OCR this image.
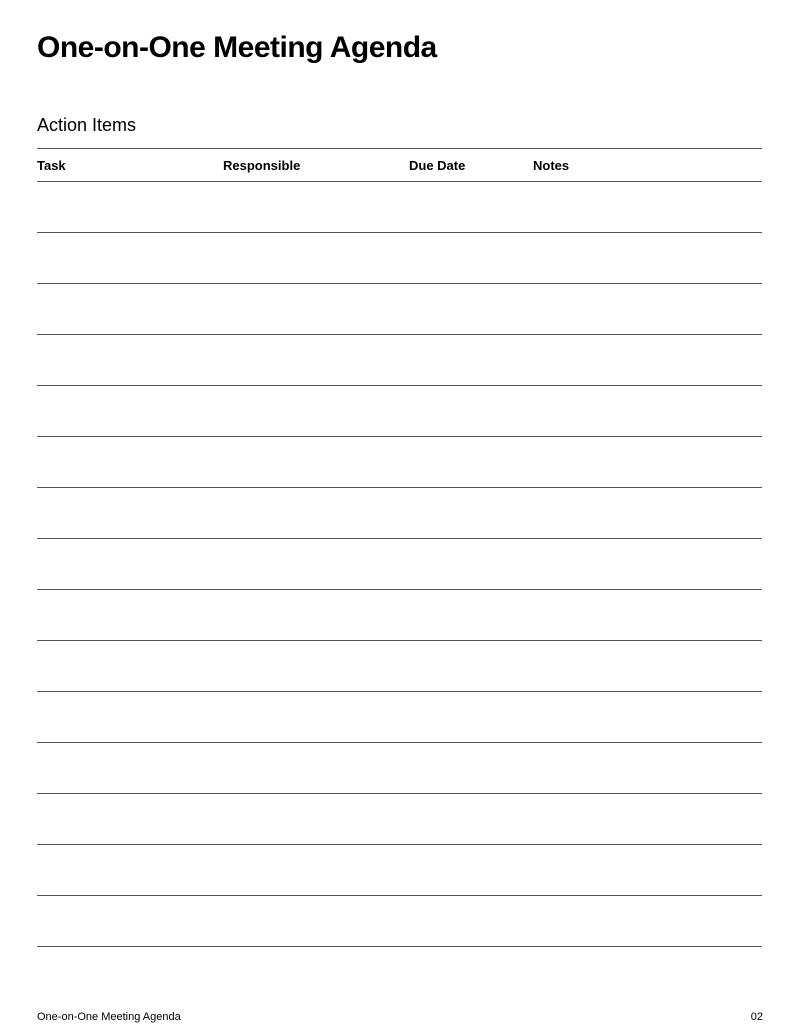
One-on-One Meeting Agenda
Action Items
Task	Responsible	Due Date	Notes
One-on-One Meeting Agenda	02
